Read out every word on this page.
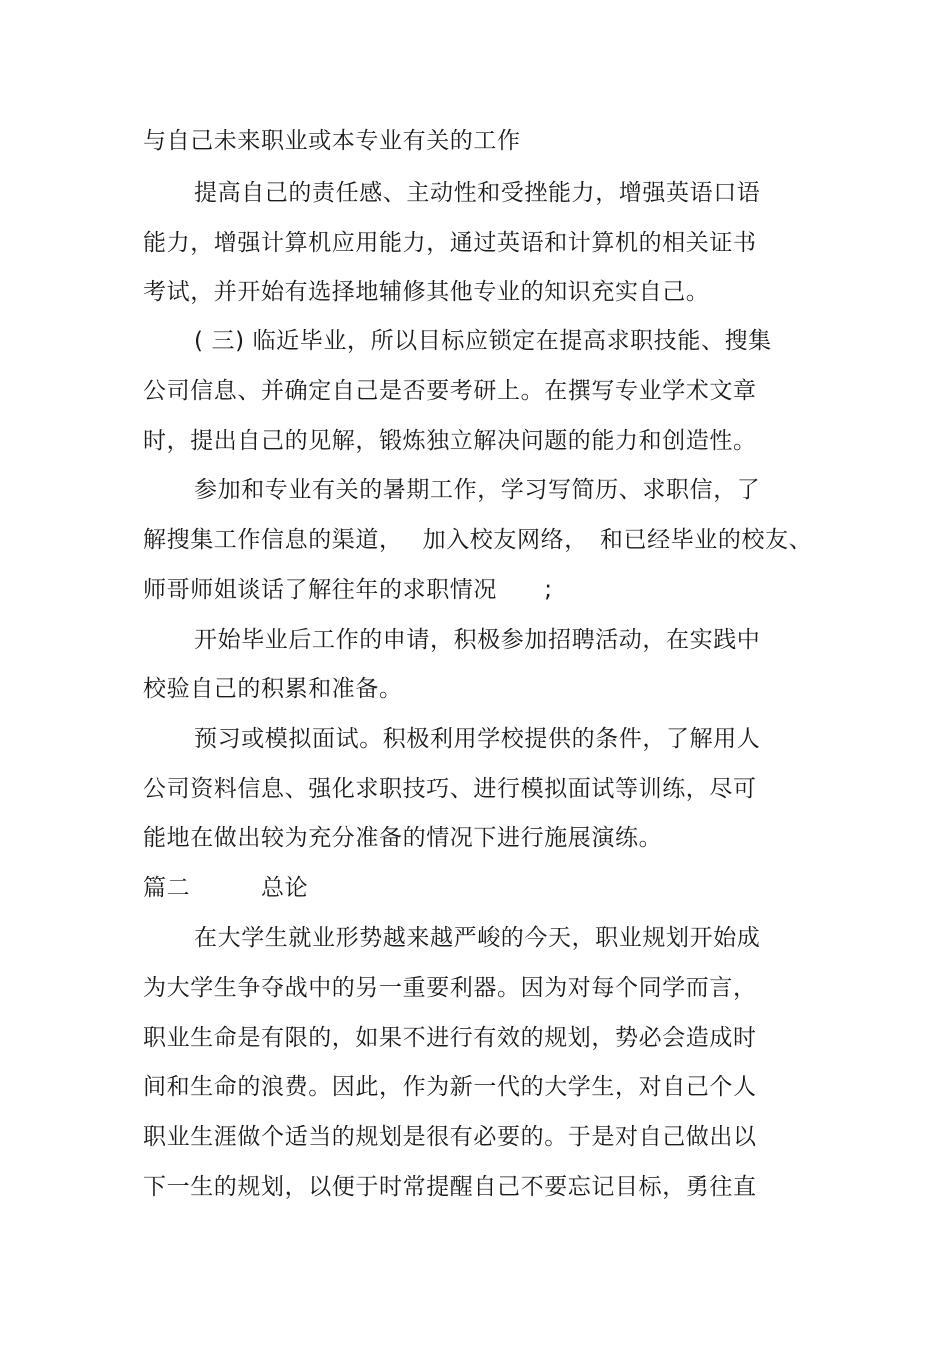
与自己未来职业或本专业有关的工作
提高自己的责任感、主动性和受挫能力，增强英语口语
能力，增强计算机应用能力，通过英语和计算机的相关证书
考试，并开始有选择地辅修其他专业的知识充实自己。
( 三) 临近毕业，所以目标应锁定在提高求职技能、搜集
公司信息、并确定自己是否要考研上。在撰写专业学术文章
时，提出自己的见解，锻炼独立解决问题的能力和创造性。
参加和专业有关的暑期工作，学习写简历、求职信，了
解搜集工作信息的渠道，　 加入校友网络，　和已经毕业的校友、
师哥师姐谈话了解往年的求职情况　　;
开始毕业后工作的申请，积极参加招聘活动，在实践中
校验自己的积累和准备。
预习或模拟面试。积极利用学校提供的条件，了解用人
公司资料信息、强化求职技巧、进行模拟面试等训练，尽可
能地在做出较为充分准备的情况下进行施展演练。
篇二　　　总论
在大学生就业形势越来越严峻的今天，职业规划开始成
为大学生争夺战中的另一重要利器。因为对每个同学而言，
职业生命是有限的，如果不进行有效的规划，势必会造成时
间和生命的浪费。因此，作为新一代的大学生，对自己个人
职业生涯做个适当的规划是很有必要的。于是对自己做出以
下一生的规划，以便于时常提醒自己不要忘记目标，勇往直
